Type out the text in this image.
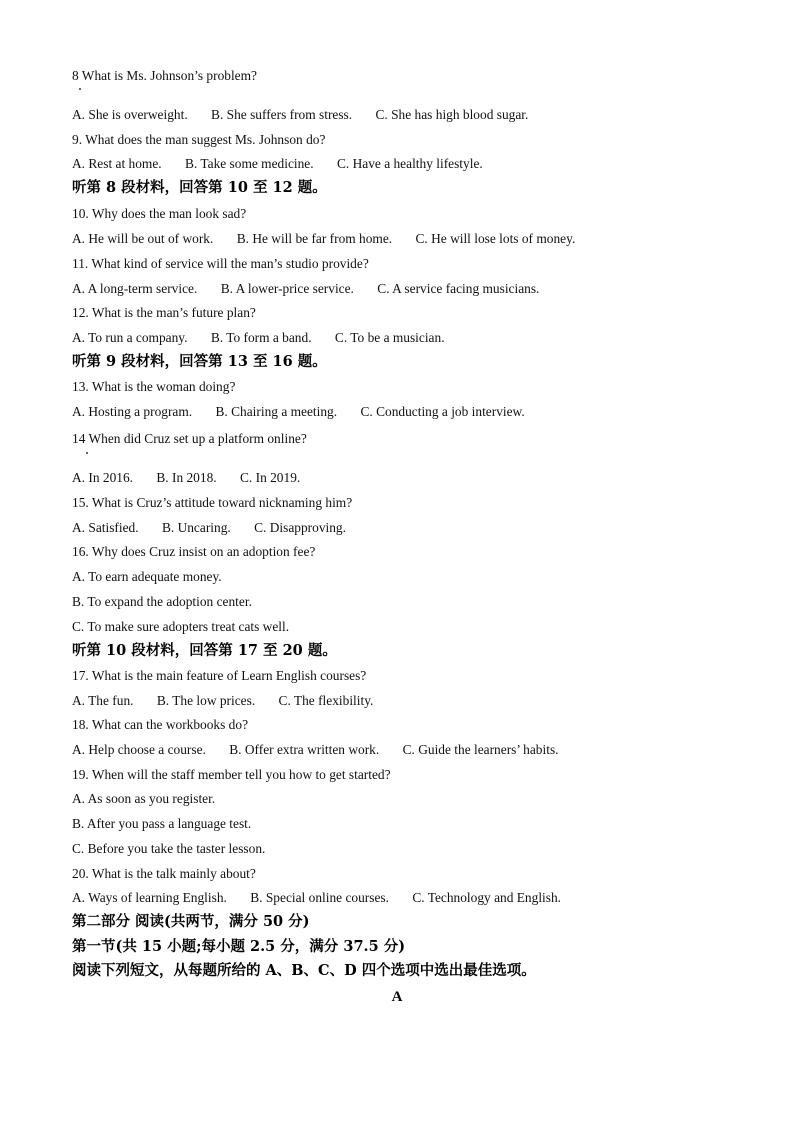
8 What is Ms. Johnson’s problem?
A. She is overweight. B. She suffers from stress. C. She has high blood sugar.
9. What does the man suggest Ms. Johnson do?
A. Rest at home. B. Take some medicine. C. Have a healthy lifestyle.
听第 8 段材料，回答第 10 至 12 题。
10. Why does the man look sad?
A. He will be out of work. B. He will be far from home. C. He will lose lots of money.
11. What kind of service will the man’s studio provide?
A. A long-term service. B. A lower-price service. C. A service facing musicians.
12. What is the man’s future plan?
A. To run a company. B. To form a band. C. To be a musician.
听第 9 段材料，回答第 13 至 16 题。
13. What is the woman doing?
A. Hosting a program. B. Chairing a meeting. C. Conducting a job interview.
14 When did Cruz set up a platform online?
A. In 2016. B. In 2018. C. In 2019.
15. What is Cruz’s attitude toward nicknaming him?
A. Satisfied. B. Uncaring. C. Disapproving.
16. Why does Cruz insist on an adoption fee?
A. To earn adequate money.
B. To expand the adoption center.
C. To make sure adopters treat cats well.
听第 10 段材料，回答第 17 至 20 题。
17. What is the main feature of Learn English courses?
A. The fun. B. The low prices. C. The flexibility.
18. What can the workbooks do?
A. Help choose a course. B. Offer extra written work. C. Guide the learners’ habits.
19. When will the staff member tell you how to get started?
A. As soon as you register.
B. After you pass a language test.
C. Before you take the taster lesson.
20. What is the talk mainly about?
A. Ways of learning English. B. Special online courses. C. Technology and English.
第二部分 阅读(共两节，满分 50 分)
第一节(共 15 小题;每小题 2.5 分，满分 37.5 分)
阅读下列短文，从每题所给的 A、B、C、D 四个选项中选出最佳选项。
A
